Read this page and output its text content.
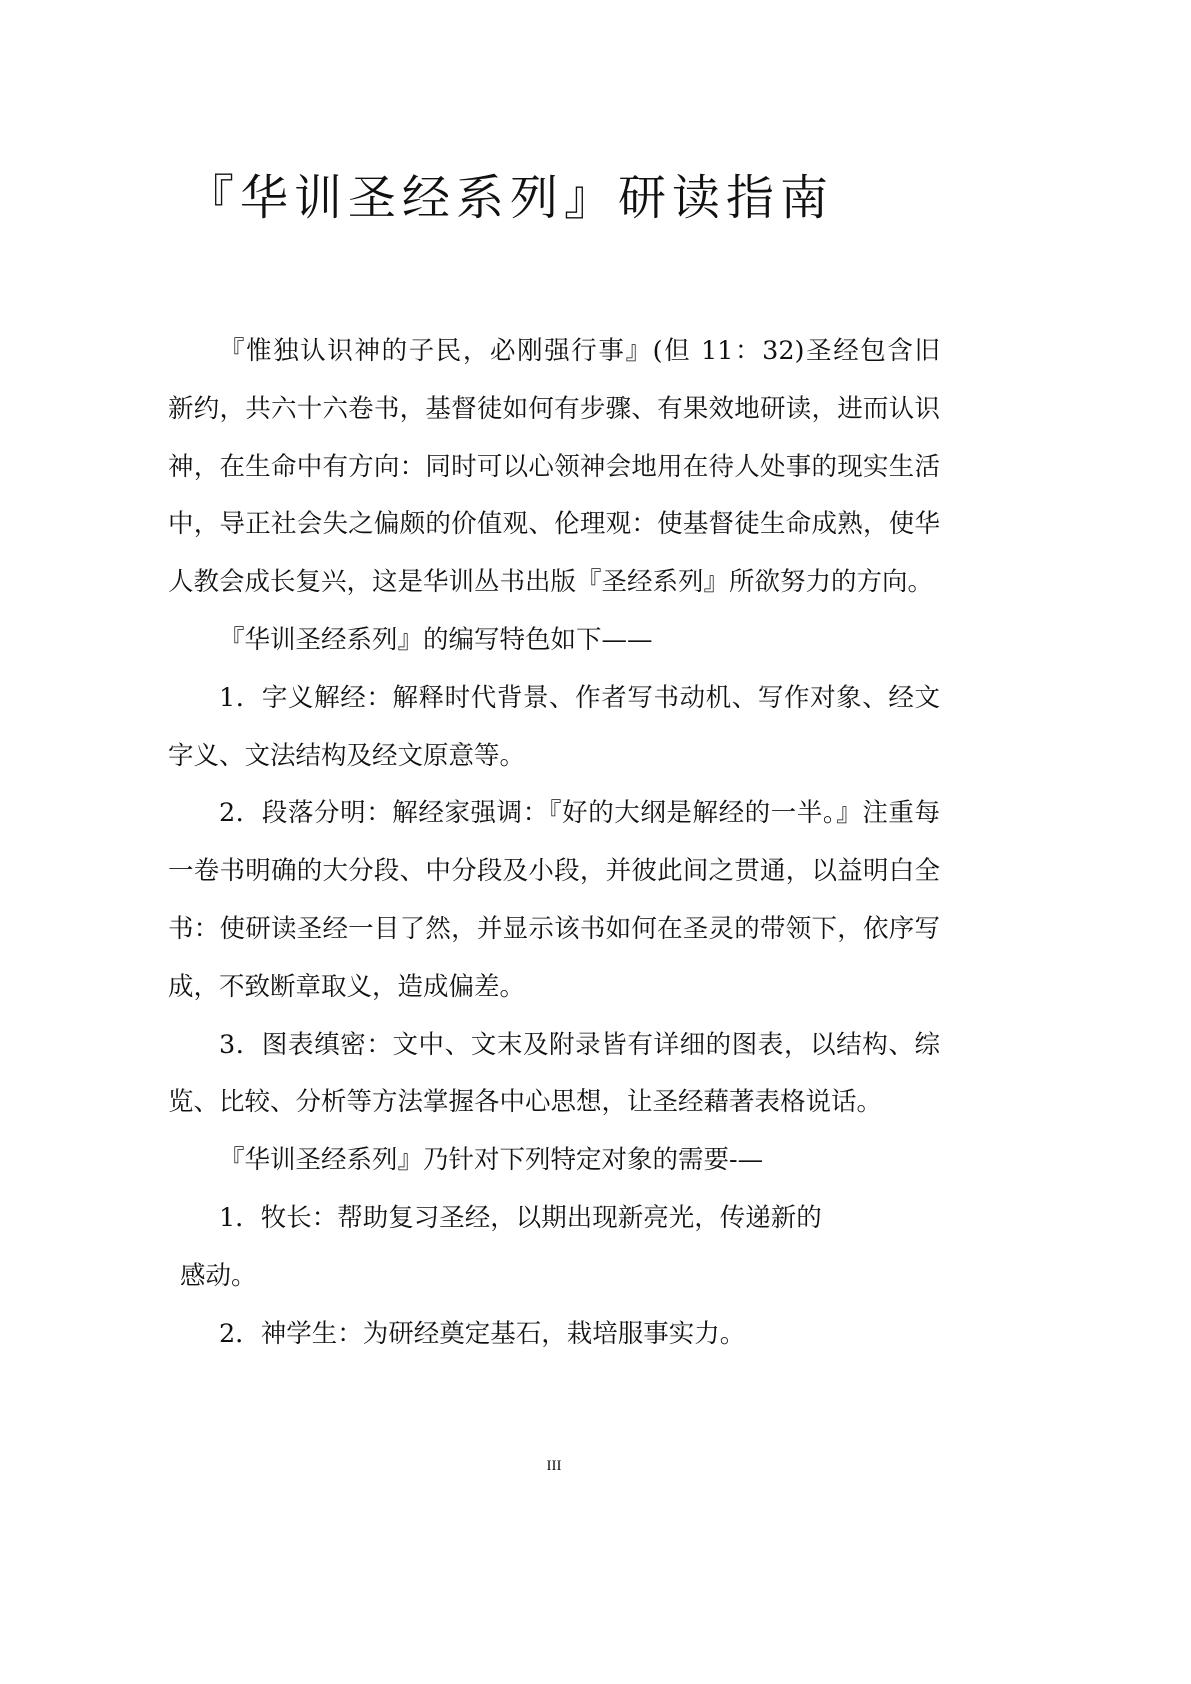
『华训圣经系列』研读指南
『惟独认识神的子民，必刚强行事』(但 11：32)圣经包含旧
新约，共六十六卷书，基督徒如何有步骤、有果效地研读，进而认识
神，在生命中有方向：同时可以心领神会地用在待人处事的现实生活
中，导正社会失之偏颇的价值观、伦理观：使基督徒生命成熟，使华
人教会成长复兴，这是华训丛书出版『圣经系列』所欲努力的方向。
『华训圣经系列』的编写特色如下——
1．字义解经：解释时代背景、作者写书动机、写作对象、经文
字义、文法结构及经文原意等。
2．段落分明：解经家强调：『好的大纲是解经的一半。』注重每
一卷书明确的大分段、中分段及小段，并彼此间之贯通，以益明白全
书：使研读圣经一目了然，并显示该书如何在圣灵的带领下，依序写
成，不致断章取义，造成偏差。
3．图表缜密：文中、文末及附录皆有详细的图表，以结构、综
览、比较、分析等方法掌握各中心思想，让圣经藉著表格说话。
『华训圣经系列』乃针对下列特定对象的需要-—
1．牧长：帮助复习圣经，以期出现新亮光，传递新的
感动。
2．神学生：为研经奠定基石，栽培服事实力。
III
